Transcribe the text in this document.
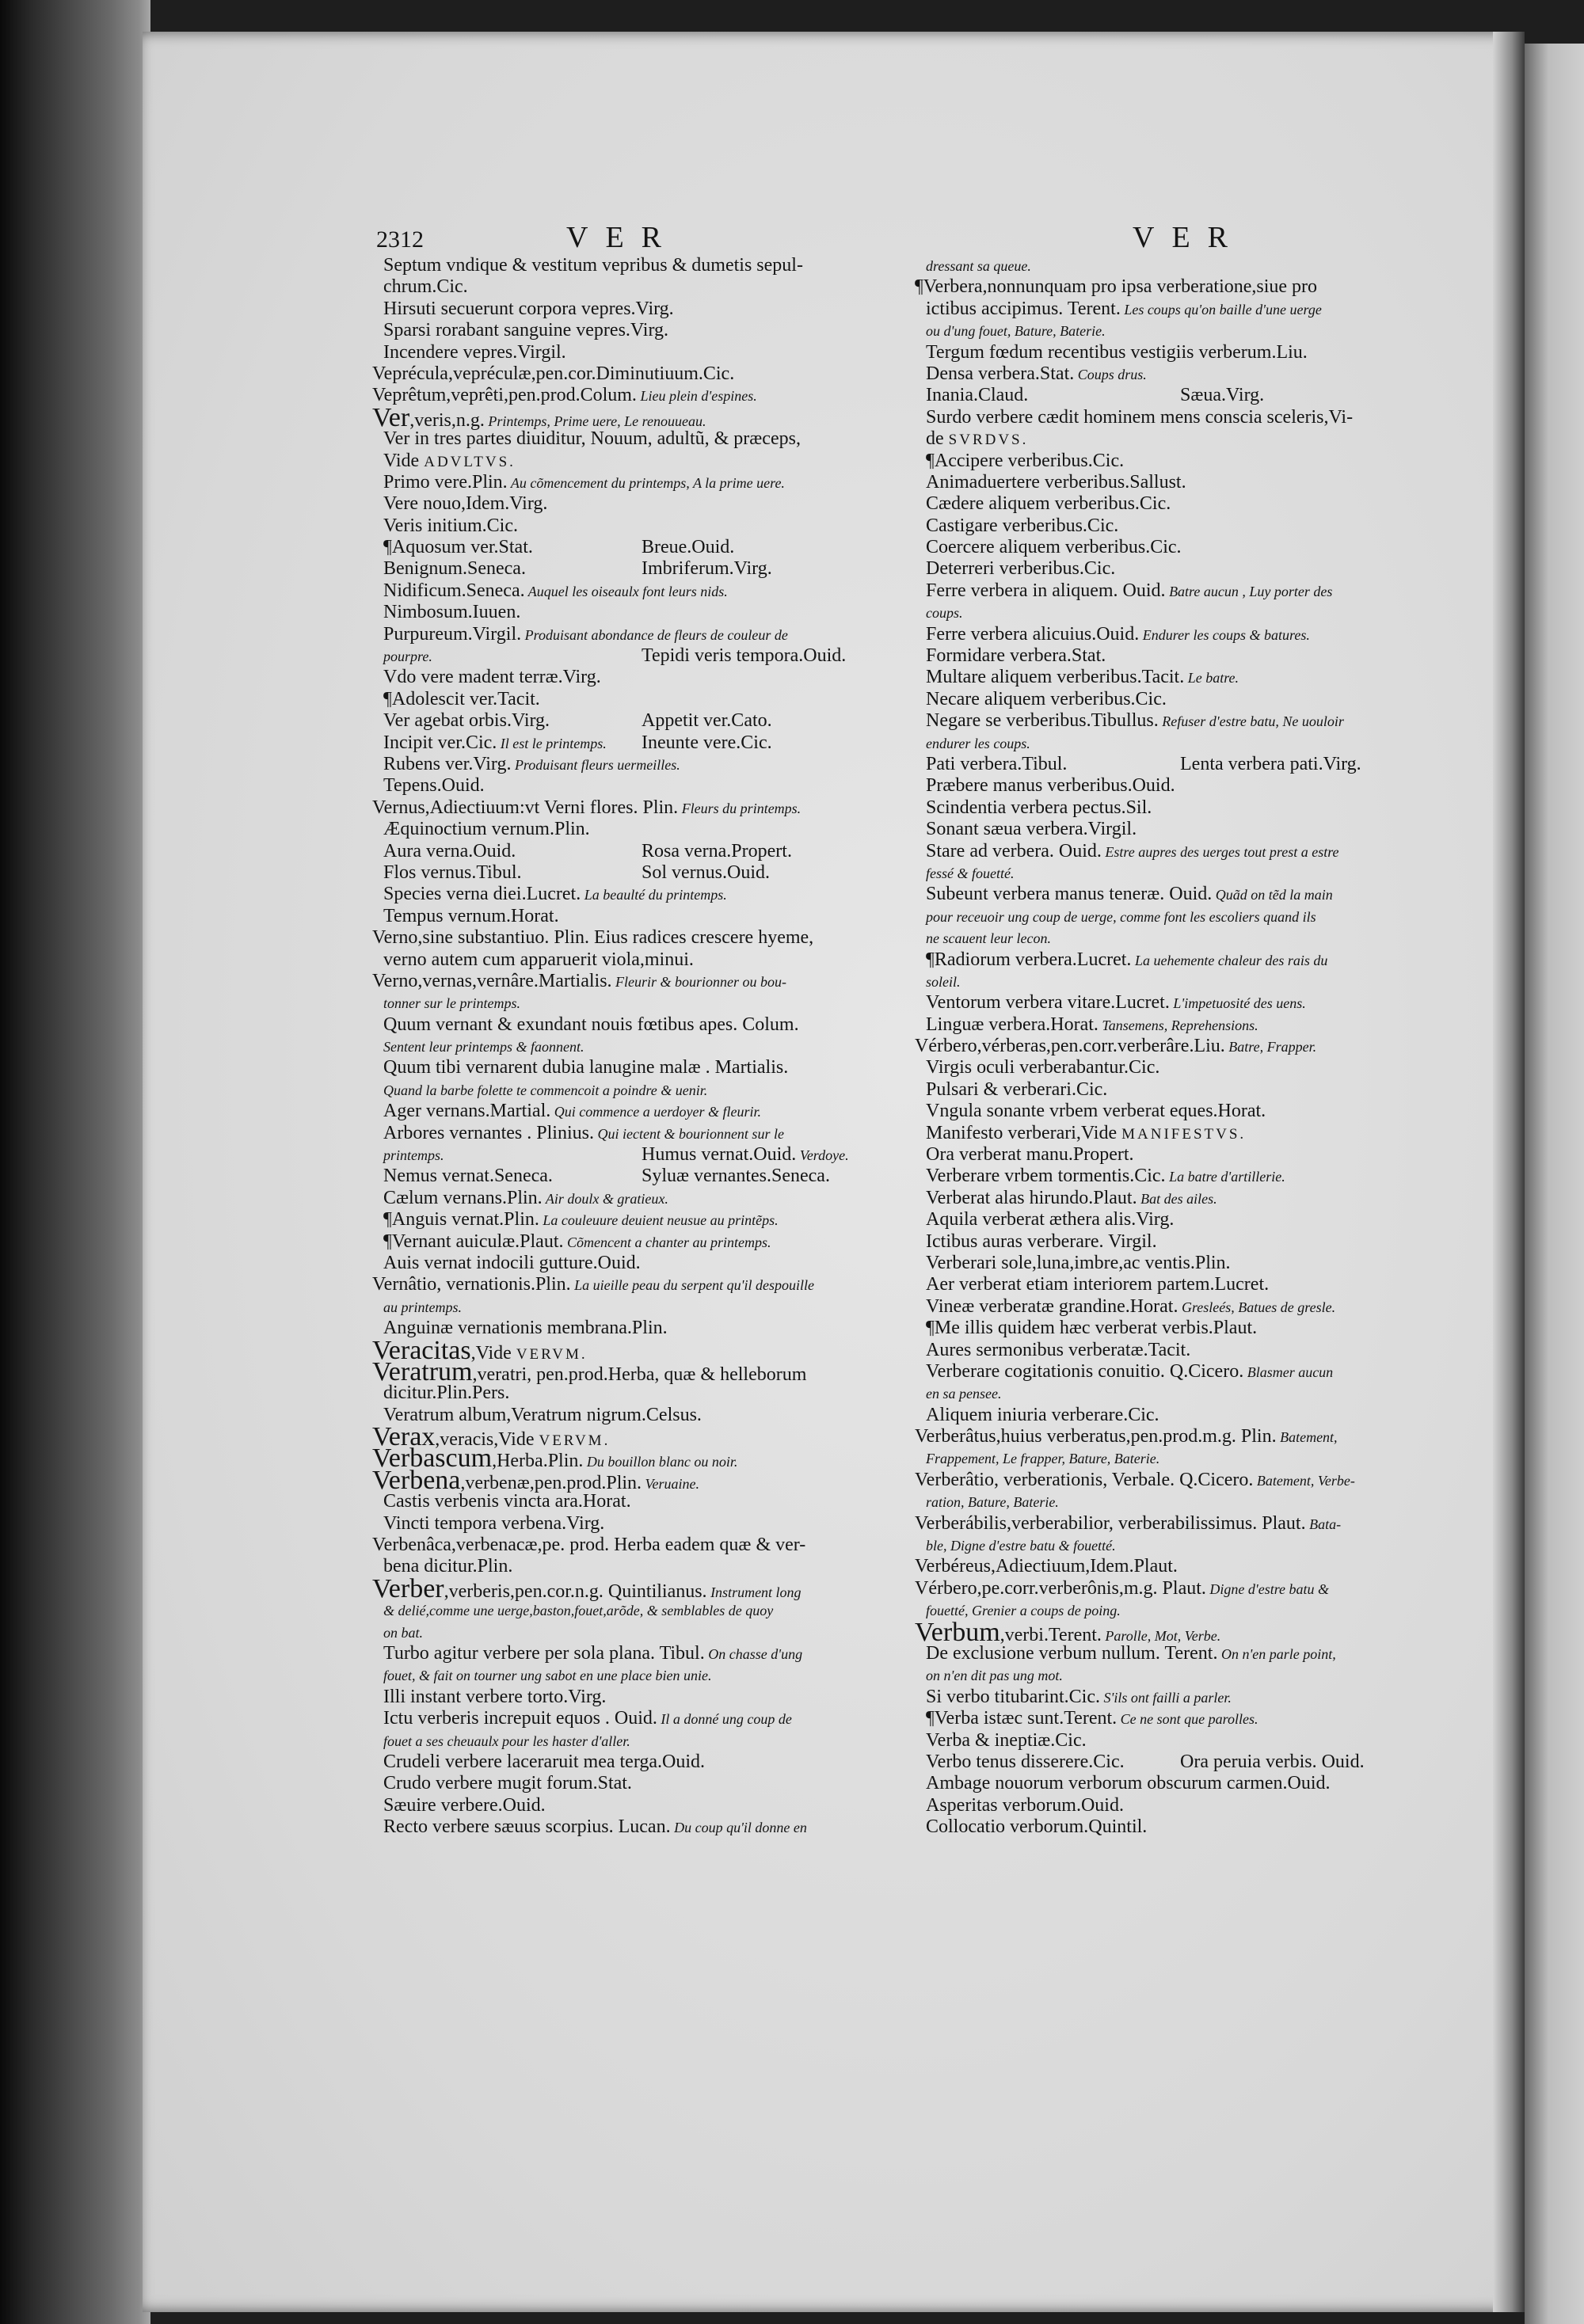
2312	VER	VER
Septum vndique & vestitum vepribus & dumetis sepul-
chrum.Cic.
Hirsuti secuerunt corpora vepres.Virg.
Sparsi rorabant sanguine vepres.Virg.
Incendere vepres.Virgil.
Veprécula,vepréculæ,pen.cor.Diminutiuum.Cic.
Veprêtum,veprêti,pen.prod.Colum. Lieu plein d'espines.
Ver,veris,n.g. Printemps, Prime uere, Le renouueau.
Ver in tres partes diuiditur, Nouum, adultũ, & præceps,
Vide ADVLTVS.
Primo vere.Plin. Au cõmencement du printemps, A la prime uere.
Vere nouo,Idem.Virg.
Veris initium.Cic.
¶Aquosum ver.Stat.	Breue.Ouid.
Benignum.Seneca.	Imbriferum.Virg.
Nidificum.Seneca. Auquel les oiseaulx font leurs nids.
Nimbosum.Iuuen.
Purpureum.Virgil. Produisant abondance de fleurs de couleur de
pourpre.	Tepidi veris tempora.Ouid.
Vdo vere madent terræ.Virg.
¶Adolescit ver.Tacit.
Ver agebat orbis.Virg.	Appetit ver.Cato.
Incipit ver.Cic. Il est le printemps. Ineunte vere.Cic.
Rubens ver.Virg. Produisant fleurs uermeilles.
Tepens.Ouid.
Vernus,Adiectiuum:vt Verni flores. Plin. Fleurs du printemps.
Æquinoctium vernum.Plin.
Aura verna.Ouid.	Rosa verna.Propert.
Flos vernus.Tibul.	Sol vernus.Ouid.
Species verna diei.Lucret. La beaulté du printemps.
Tempus vernum.Horat.
Verno,sine substantiuo. Plin. Eius radices crescere hyeme,
verno autem cum apparuerit viola,minui.
Verno,vernas,vernâre.Martialis. Fleurir & bourionner ou bou-
tonner sur le printemps.
Quum vernant & exundant nouis fœtibus apes. Colum.
Sentent leur printemps & faonnent.
Quum tibi vernarent dubia lanugine malæ . Martialis.
Quand la barbe folette te commencoit a poindre & uenir.
Ager vernans.Martial. Qui commence a uerdoyer & fleurir.
Arbores vernantes . Plinius. Qui iectent & bourionnent sur le
printemps.	Humus vernat.Ouid. Verdoye.
Nemus vernat.Seneca.	Syluæ vernantes.Seneca.
Cælum vernans.Plin. Air doulx & gratieux.
¶Anguis vernat.Plin. La couleuure deuient neusue au printẽps.
¶Vernant auiculæ.Plaut. Cõmencent a chanter au printemps.
Auis vernat indocili gutture.Ouid.
Vernâtio, vernationis.Plin. La uieille peau du serpent qu'il despouille
au printemps.
Anguinæ vernationis membrana.Plin.
Veracitas,Vide VERVM.
Veratrum,veratri, pen.prod.Herba, quæ & helleborum
dicitur.Plin.Pers.
Veratrum album,Veratrum nigrum.Celsus.
Verax,veracis,Vide VERVM.
Verbascum,Herba.Plin. Du bouillon blanc ou noir.
Verbena,verbenæ,pen.prod.Plin. Veruaine.
Castis verbenis vincta ara.Horat.
Vincti tempora verbena.Virg.
Verbenâca,verbenacæ,pe. prod. Herba eadem quæ & ver-
bena dicitur.Plin.
Verber,verberis,pen.cor.n.g. Quintilianus. Instrument long
& delié,comme une uerge,baston,fouet,arõde, & semblables de quoy
on bat.
Turbo agitur verbere per sola plana. Tibul. On chasse d'ung
fouet, & fait on tourner ung sabot en une place bien unie.
Illi instant verbere torto.Virg.
Ictu verberis increpuit equos . Ouid. Il a donné ung coup de
fouet a ses cheuaulx pour les haster d'aller.
Crudeli verbere laceraruit mea terga.Ouid.
Crudo verbere mugit forum.Stat.
Sæuire verbere.Ouid.
Recto verbere sæuus scorpius. Lucan. Du coup qu'il donne en
dressant sa queue.
¶Verbera,nonnunquam pro ipsa verberatione,siue pro
ictibus accipimus. Terent. Les coups qu'on baille d'une uerge
ou d'ung fouet, Bature, Baterie.
Tergum fœdum recentibus vestigiis verberum.Liu.
Densa verbera.Stat. Coups drus.
Inania.Claud.	Sæua.Virg.
Surdo verbere cædit hominem mens conscia sceleris,Vi-
de SVRDVS.
¶Accipere verberibus.Cic.
Animaduertere verberibus.Sallust.
Cædere aliquem verberibus.Cic.
Castigare verberibus.Cic.
Coercere aliquem verberibus.Cic.
Deterreri verberibus.Cic.
Ferre verbera in aliquem. Ouid. Batre aucun , Luy porter des
coups.
Ferre verbera alicuius.Ouid. Endurer les coups & batures.
Formidare verbera.Stat.
Multare aliquem verberibus.Tacit. Le batre.
Necare aliquem verberibus.Cic.
Negare se verberibus.Tibullus. Refuser d'estre batu, Ne uouloir
endurer les coups.
Pati verbera.Tibul.	Lenta verbera pati.Virg.
Præbere manus verberibus.Ouid.
Scindentia verbera pectus.Sil.
Sonant sæua verbera.Virgil.
Stare ad verbera. Ouid. Estre aupres des uerges tout prest a estre
fessé & fouetté.
Subeunt verbera manus teneræ. Ouid. Quãd on tẽd la main
pour receuoir ung coup de uerge, comme font les escoliers quand ils
ne scauent leur lecon.
¶Radiorum verbera.Lucret. La uehemente chaleur des rais du
soleil.
Ventorum verbera vitare.Lucret. L'impetuosité des uens.
Linguæ verbera.Horat. Tansemens, Reprehensions.
Vérbero,vérberas,pen.corr.verberâre.Liu. Batre, Frapper.
Virgis oculi verberabantur.Cic.
Pulsari & verberari.Cic.
Vngula sonante vrbem verberat eques.Horat.
Manifesto verberari,Vide MANIFESTVS.
Ora verberat manu.Propert.
Verberare vrbem tormentis.Cic. La batre d'artillerie.
Verberat alas hirundo.Plaut. Bat des ailes.
Aquila verberat æthera alis.Virg.
Ictibus auras verberare. Virgil.
Verberari sole,luna,imbre,ac ventis.Plin.
Aer verberat etiam interiorem partem.Lucret.
Vineæ verberatæ grandine.Horat. Gresleés, Batues de gresle.
¶Me illis quidem hæc verberat verbis.Plaut.
Aures sermonibus verberatæ.Tacit.
Verberare cogitationis conuitio. Q.Cicero. Blasmer aucun
en sa pensee.
Aliquem iniuria verberare.Cic.
Verberâtus,huius verberatus,pen.prod.m.g. Plin. Batement,
Frappement, Le frapper, Bature, Baterie.
Verberâtio, verberationis, Verbale. Q.Cicero. Batement, Verbe-
ration, Bature, Baterie.
Verberábilis,verberabilior, verberabilissimus. Plaut. Bata-
ble, Digne d'estre batu & fouetté.
Verbéreus,Adiectiuum,Idem.Plaut.
Vérbero,pe.corr.verberônis,m.g. Plaut. Digne d'estre batu &
fouetté, Grenier a coups de poing.
Verbum,verbi.Terent. Parolle, Mot, Verbe.
De exclusione verbum nullum. Terent. On n'en parle point,
on n'en dit pas ung mot.
Si verbo titubarint.Cic. S'ils ont failli a parler.
¶Verba istæc sunt.Terent. Ce ne sont que parolles.
Verba & ineptiæ.Cic.
Verbo tenus disserere.Cic.	Ora peruia verbis. Ouid.
Ambage nouorum verborum obscurum carmen.Ouid.
Asperitas verborum.Ouid.
Collocatio verborum.Quintil.
